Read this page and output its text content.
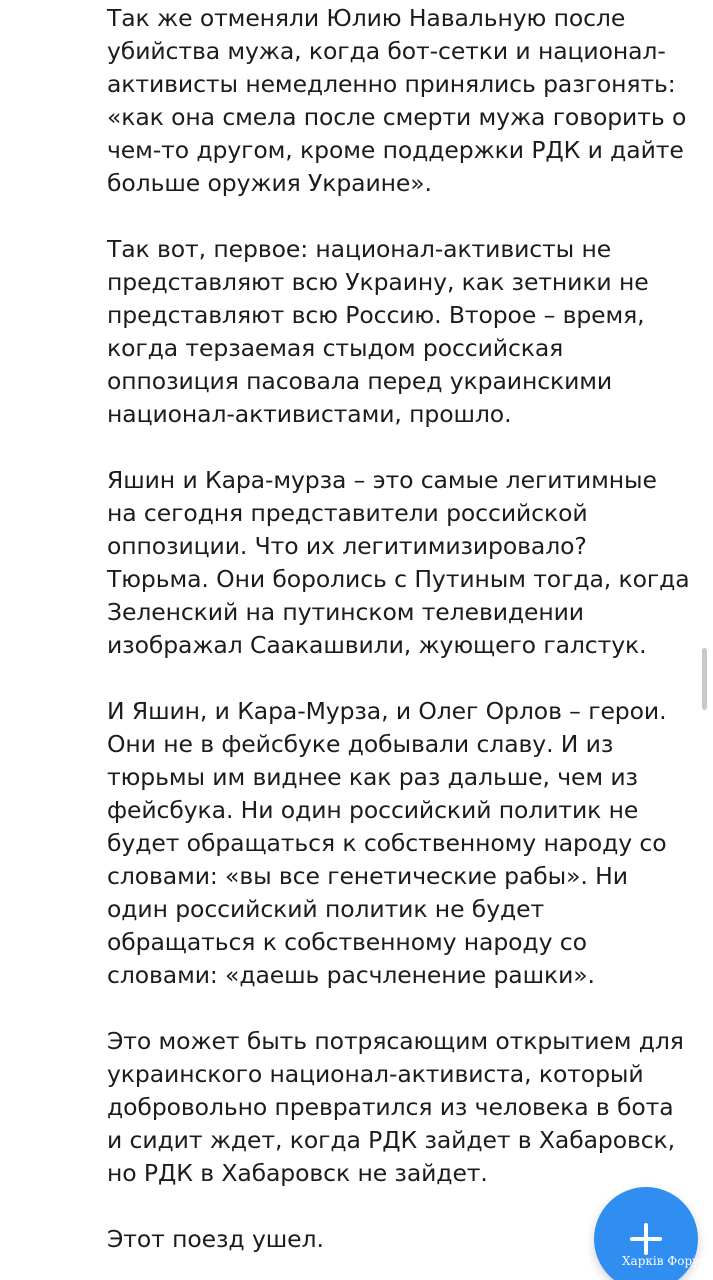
Так же отменяли Юлию Навальную после
убийства мужа, когда бот-сетки и национал-
активисты немедленно принялись разгонять:
«как она смела после смерти мужа говорить о
чем-то другом, кроме поддержки РДК и дайте
больше оружия Украине».

Так вот, первое: национал-активисты не
представляют всю Украину, как зетники не
представляют всю Россию. Второе – время,
когда терзаемая стыдом российская
оппозиция пасовала перед украинскими
национал-активистами, прошло.

Яшин и Кара-мурза – это самые легитимные
на сегодня представители российской
оппозиции. Что их легитимизировало?
Тюрьма. Они боролись с Путиным тогда, когда
Зеленский на путинском телевидении
изображал Саакашвили, жующего галстук.

И Яшин, и Кара-Мурза, и Олег Орлов – герои.
Они не в фейсбуке добывали славу. И из
тюрьмы им виднее как раз дальше, чем из
фейсбука. Ни один российский политик не
будет обращаться к собственному народу со
словами: «вы все генетические рабы». Ни
один российский политик не будет
обращаться к собственному народу со
словами: «даешь расчленение рашки».

Это может быть потрясающим открытием для
украинского национал-активиста, который
добровольно превратился из человека в бота
и сидит ждет, когда РДК зайдет в Хабаровск,
но РДК в Хабаровск не зайдет.

Этот поезд ушел.

Харків Форум
